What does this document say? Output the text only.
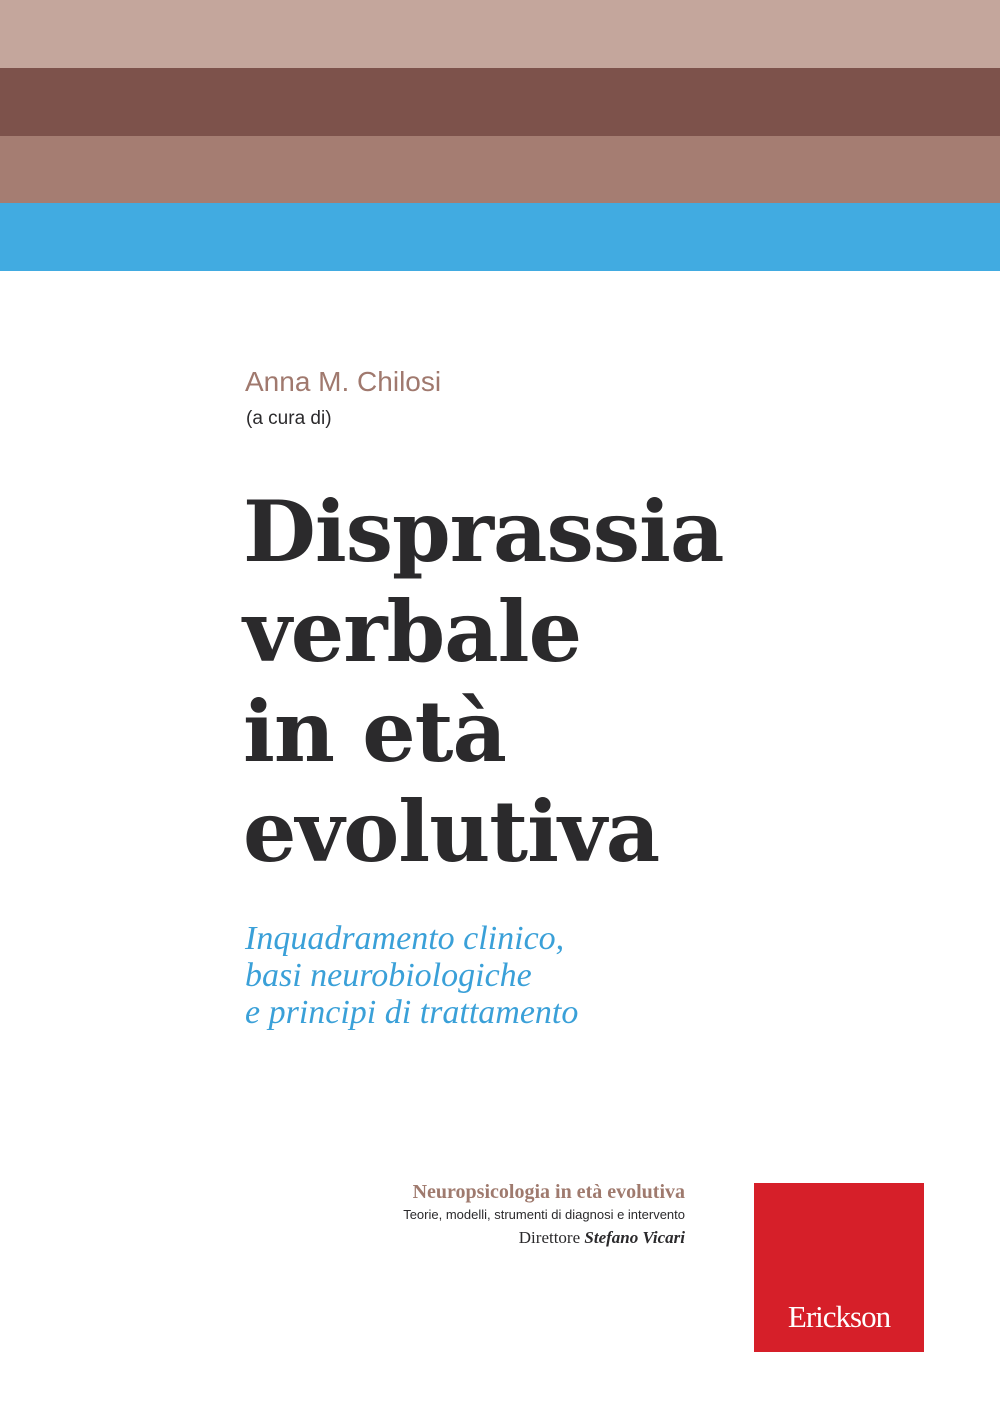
Anna M. Chilosi
(a cura di)
Disprassia
verbale
in età
evolutiva
Inquadramento clinico,
basi neurobiologiche
e principi di trattamento
Neuropsicologia in età evolutiva
Teorie, modelli, strumenti di diagnosi e intervento
Direttore Stefano Vicari
Erickson
